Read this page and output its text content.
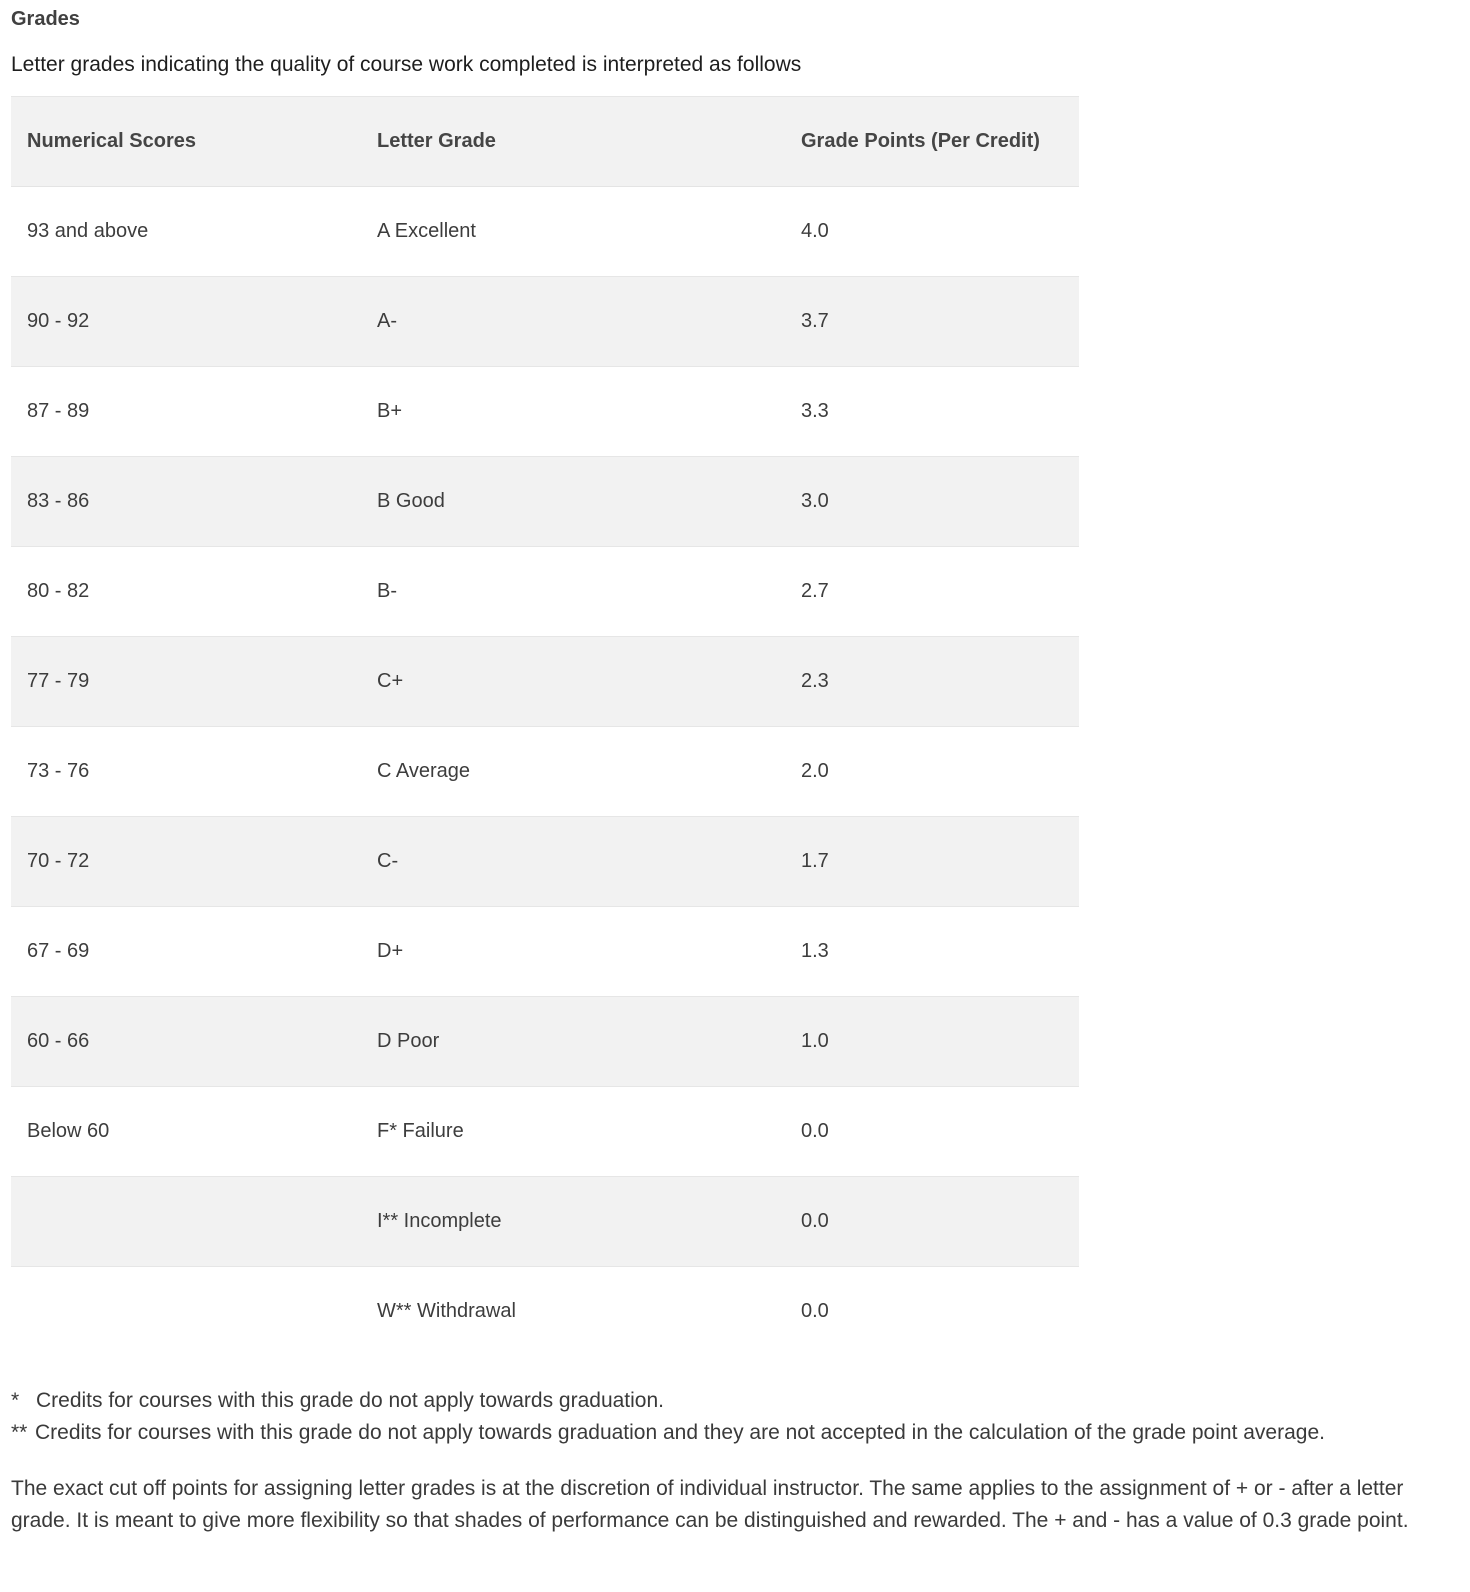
Grades
Letter grades indicating the quality of course work completed is interpreted as follows
Numerical Scores	Letter Grade	Grade Points (Per Credit)
93 and above	A Excellent	4.0
90 - 92	A-	3.7
87 - 89	B+	3.3
83 - 86	B Good	3.0
80 - 82	B-	2.7
77 - 79	C+	2.3
73 - 76	C Average	2.0
70 - 72	C-	1.7
67 - 69	D+	1.3
60 - 66	D Poor	1.0
Below 60	F* Failure	0.0
	I** Incomplete	0.0
	W** Withdrawal	0.0
* Credits for courses with this grade do not apply towards graduation.
** Credits for courses with this grade do not apply towards graduation and they are not accepted in the calculation of the grade point average.
The exact cut off points for assigning letter grades is at the discretion of individual instructor. The same applies to the assignment of + or - after a letter grade. It is meant to give more flexibility so that shades of performance can be distinguished and rewarded. The + and - has a value of 0.3 grade point.
